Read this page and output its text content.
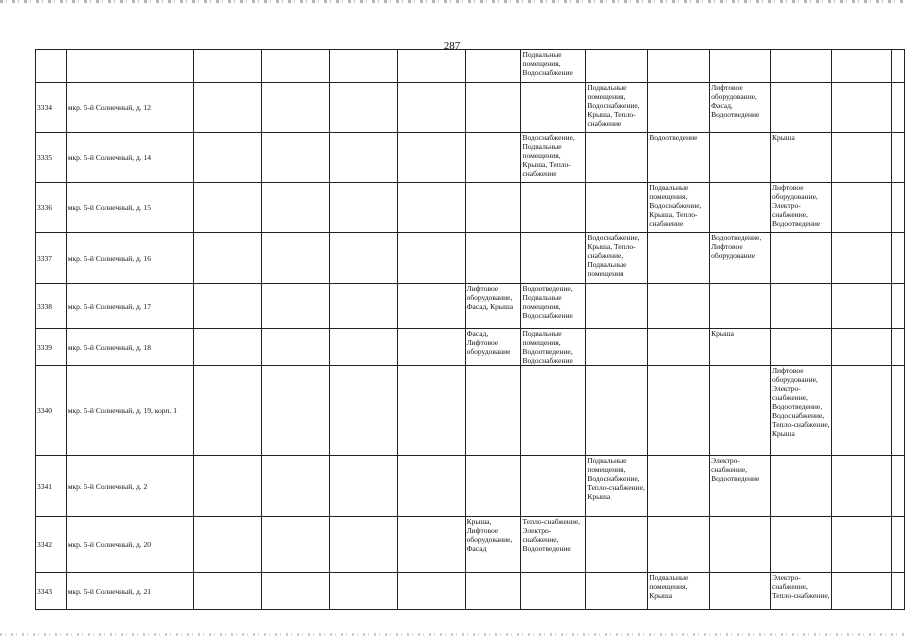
287
							Подвальные помещения, Водоснабжение						
3334	мкр. 5-й Солнечный, д. 12							Подвальные помещения, Водоснабжение, Крыша, Тепло-снабжение		Лифтовое оборудование, Фасад, Водоотведение			
3335	мкр. 5-й Солнечный, д. 14						Водоснабжение, Подвальные помещения, Крыша, Тепло-снабжение		Водоотведение		Крыша		
3336	мкр. 5-й Солнечный, д. 15								Подвальные помещения, Водоснабжение, Крыша, Тепло-снабжение		Лифтовое оборудование, Электро-снабжение, Водоотведение		
3337	мкр. 5-й Солнечный, д. 16							Водоснабжение, Крыша, Тепло-снабжение, Подвальные помещения		Водоотведение, Лифтовое оборудование			
3338	мкр. 5-й Солнечный, д. 17					Лифтовое оборудование, Фасад, Крыша	Водоотведение, Подвальные помещения, Водоснабжение						
3339	мкр. 5-й Солнечный, д. 18					Фасад, Лифтовое оборудование	Подвальные помещения, Водоотведение, Водоснабжение			Крыша			
3340	мкр. 5-й Солнечный, д. 19, корп. 1										Лифтовое оборудование, Электро-снабжение, Водоотведение, Водоснабжение, Тепло-снабжение, Крыша		
3341	мкр. 5-й Солнечный, д. 2							Подвальные помещения, Водоснабжение, Тепло-снабжение, Крыша		Электро-снабжение, Водоотведение			
3342	мкр. 5-й Солнечный, д. 20					Крыша, Лифтовое оборудование, Фасад	Тепло-снабжение, Электро-снабжение, Водоотведение						
3343	мкр. 5-й Солнечный, д. 21								Подвальные помещения, Крыша		Электро-снабжение, Тепло-снабжение,		
